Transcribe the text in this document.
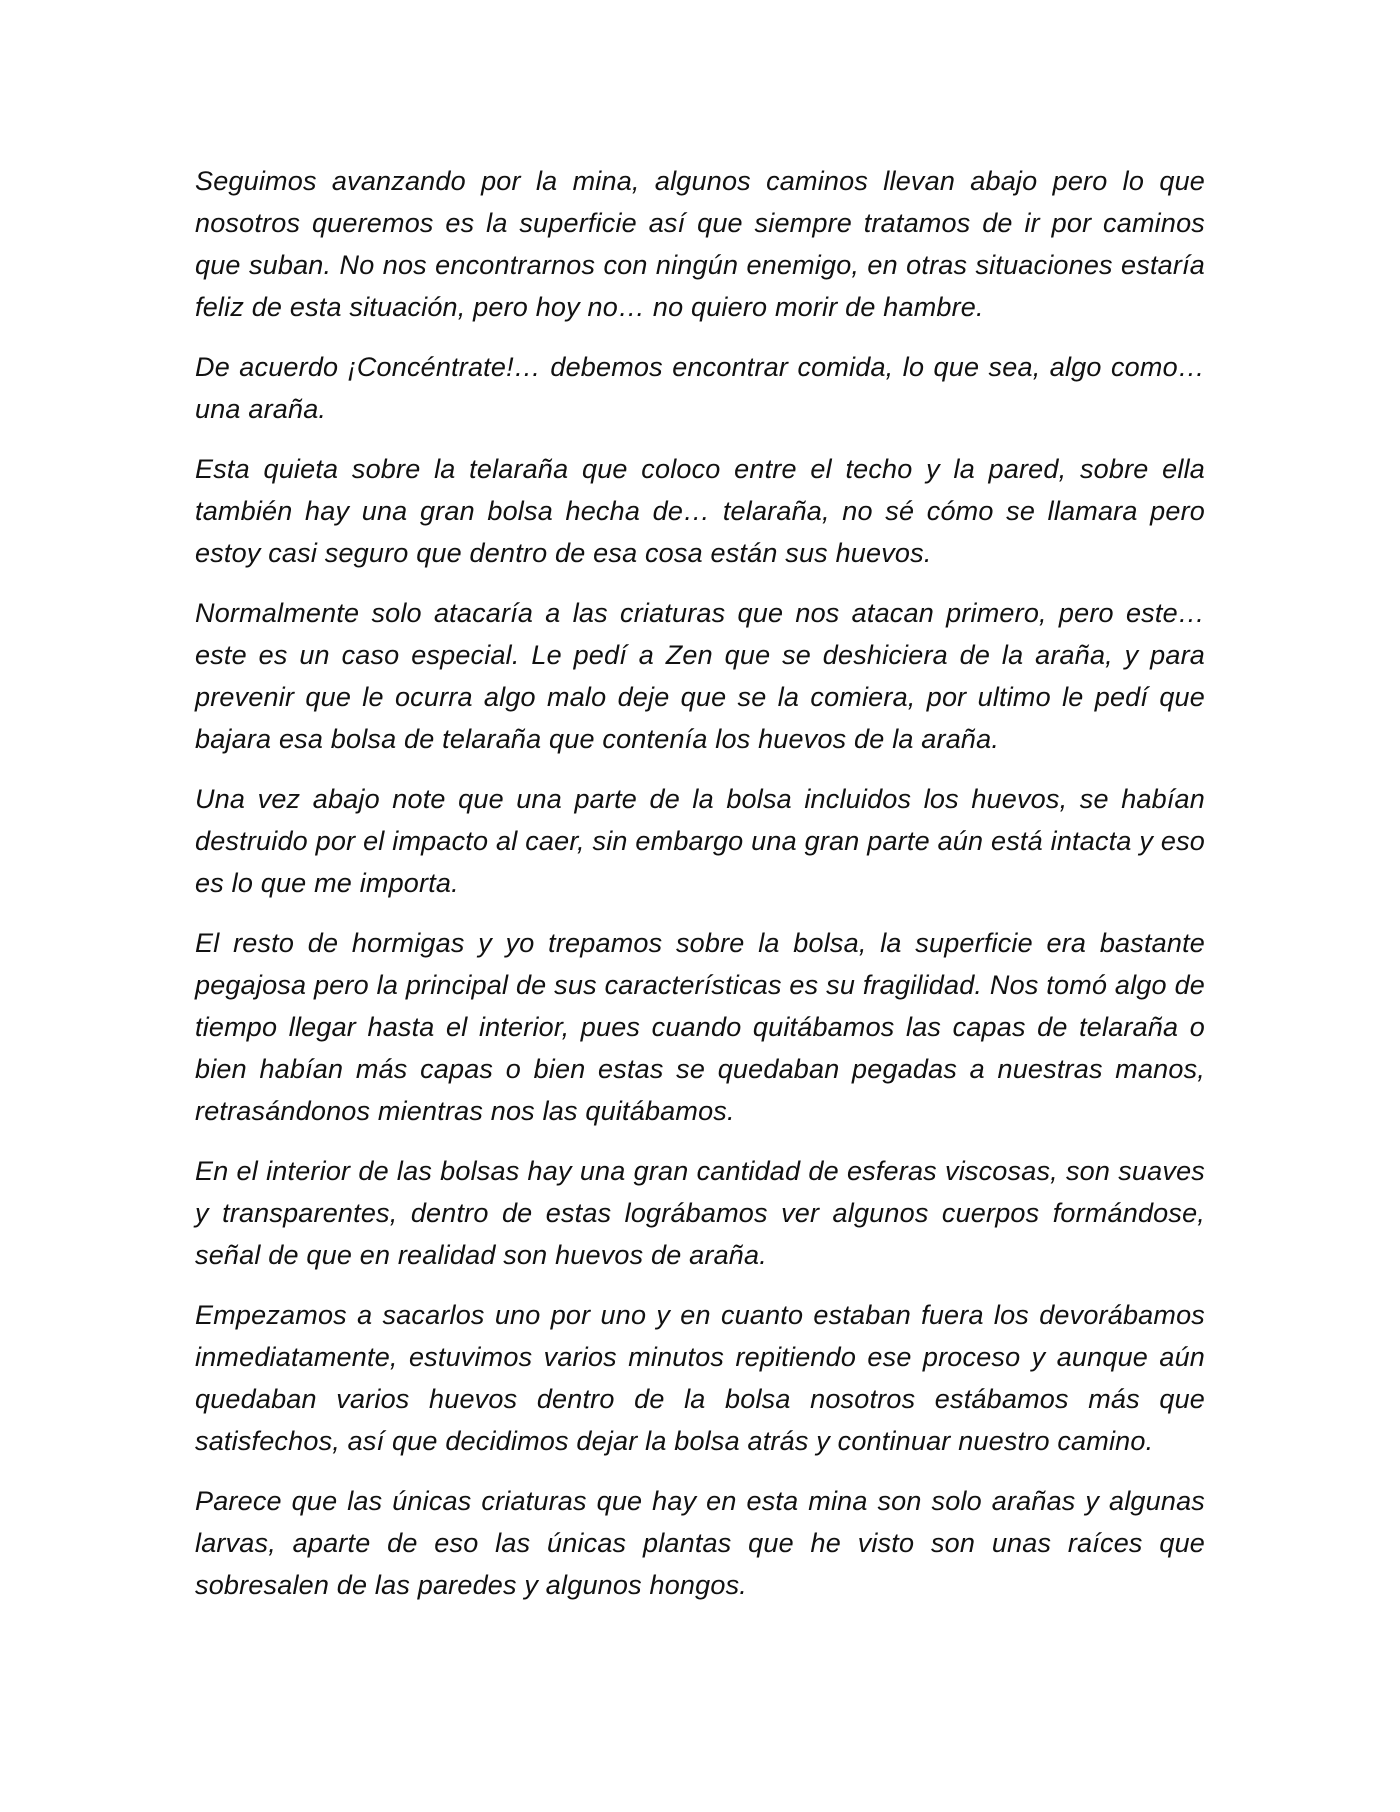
Seguimos avanzando por la mina, algunos caminos llevan abajo pero lo que nosotros queremos es la superficie así que siempre tratamos de ir por caminos que suban. No nos encontrarnos con ningún enemigo, en otras situaciones estaría feliz de esta situación, pero hoy no… no quiero morir de hambre.

De acuerdo ¡Concéntrate!… debemos encontrar comida, lo que sea, algo como… una araña.

Esta quieta sobre la telaraña que coloco entre el techo y la pared, sobre ella también hay una gran bolsa hecha de… telaraña, no sé cómo se llamara pero estoy casi seguro que dentro de esa cosa están sus huevos.

Normalmente solo atacaría a las criaturas que nos atacan primero, pero este… este es un caso especial. Le pedí a Zen que se deshiciera de la araña, y para prevenir que le ocurra algo malo deje que se la comiera, por ultimo le pedí que bajara esa bolsa de telaraña que contenía los huevos de la araña.

Una vez abajo note que una parte de la bolsa incluidos los huevos, se habían destruido por el impacto al caer, sin embargo una gran parte aún está intacta y eso es lo que me importa.

El resto de hormigas y yo trepamos sobre la bolsa, la superficie era bastante pegajosa pero la principal de sus características es su fragilidad. Nos tomó algo de tiempo llegar hasta el interior, pues cuando quitábamos las capas de telaraña o bien habían más capas o bien estas se quedaban pegadas a nuestras manos, retrasándonos mientras nos las quitábamos.

En el interior de las bolsas hay una gran cantidad de esferas viscosas, son suaves y transparentes, dentro de estas lográbamos ver algunos cuerpos formándose, señal de que en realidad son huevos de araña.

Empezamos a sacarlos uno por uno y en cuanto estaban fuera los devorábamos inmediatamente, estuvimos varios minutos repitiendo ese proceso y aunque aún quedaban varios huevos dentro de la bolsa nosotros estábamos más que satisfechos, así que decidimos dejar la bolsa atrás y continuar nuestro camino.

Parece que las únicas criaturas que hay en esta mina son solo arañas y algunas larvas, aparte de eso las únicas plantas que he visto son unas raíces que sobresalen de las paredes y algunos hongos.
